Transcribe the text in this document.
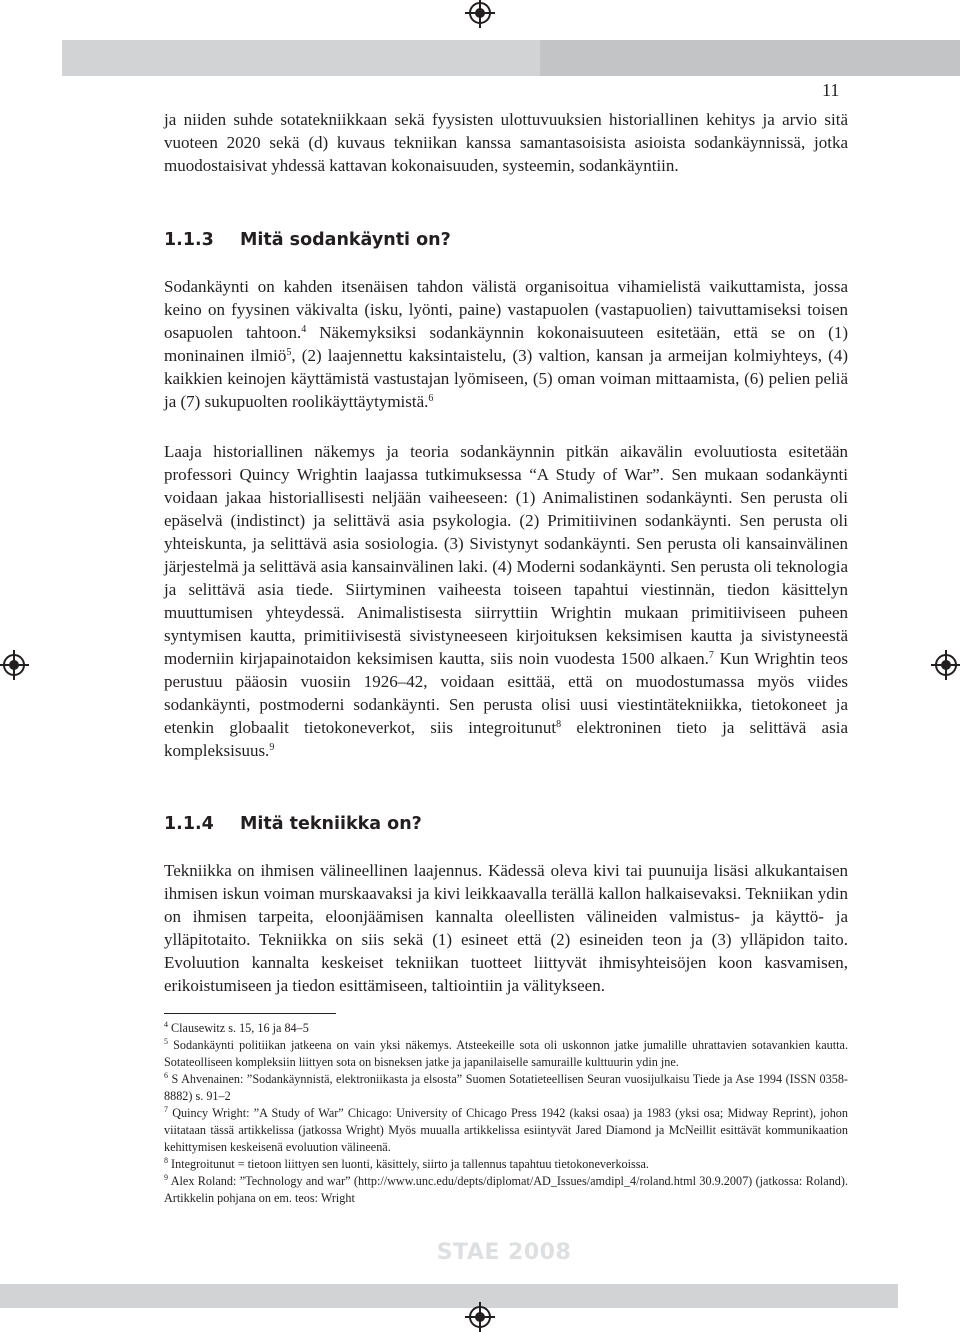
11

ja niiden suhde sotatekniikkaan sekä fyysisten ulottuvuuksien historiallinen kehitys ja arvio sitä vuoteen 2020 sekä (d) kuvaus tekniikan kanssa samantasoisista asioista sodankäynnissä, jotka muodostaisivat yhdessä kattavan kokonaisuuden, systeemin, sodankäyntiin.

1.1.3 Mitä sodankäynti on?

Sodankäynti on kahden itsenäisen tahdon välistä organisoitua vihamielistä vaikuttamista, jossa keino on fyysinen väkivalta (isku, lyönti, paine) vastapuolen (vastapuolien) taivuttamiseksi toisen osapuolen tahtoon.$^4$ Näkemyksiksi sodankäynnin kokonaisuuteen esitetään, että se on (1) moninainen ilmiö$^5$, (2) laajennettu kaksintaistelu, (3) valtion, kansan ja armeijan kolmiyhteys, (4) kaikkien keinojen käyttämistä vastustajan lyömiseen, (5) oman voiman mittaamista, (6) pelien peliä ja (7) sukupuolten roolikäyttäytymistä.$^6$

Laaja historiallinen näkemys ja teoria sodankäynnin pitkän aikavälin evoluutiosta esitetään professori Quincy Wrightin laajassa tutkimuksessa “A Study of War”. Sen mukaan sodankäynti voidaan jakaa historiallisesti neljään vaiheeseen: (1) Animalistinen sodankäynti. Sen perusta oli epäselvä (indistinct) ja selittävä asia psykologia. (2) Primitiivinen sodankäynti. Sen perusta oli yhteiskunta, ja selittävä asia sosiologia. (3) Sivistynyt sodankäynti. Sen perusta oli kansainvälinen järjestelmä ja selittävä asia kansainvälinen laki. (4) Moderni sodankäynti. Sen perusta oli teknologia ja selittävä asia tiede. Siirtyminen vaiheesta toiseen tapahtui viestinnän, tiedon käsittelyn muuttumisen yhteydessä. Animalistisesta siirryttiin Wrightin mukaan primitiiviseen puheen syntymisen kautta, primitiivisestä sivistyneeseen kirjoituksen keksimisen kautta ja sivistyneestä moderniin kirjapainotaidon keksimisen kautta, siis noin vuodesta 1500 alkaen.$^7$ Kun Wrightin teos perustuu pääosin vuosiin 1926–42, voidaan esittää, että on muodostumassa myös viides sodankäynti, postmoderni sodankäynti. Sen perusta olisi uusi viestintätekniikka, tietokoneet ja etenkin globaalit tietokoneverkot, siis integroitunut$^8$ elektroninen tieto ja selittävä asia kompleksisuus.$^9$

1.1.4 Mitä tekniikka on?

Tekniikka on ihmisen välineellinen laajennus. Kädessä oleva kivi tai puunuija lisäsi alkukantaisen ihmisen iskun voiman murskaavaksi ja kivi leikkaavalla terällä kallon halkaisevaksi. Tekniikan ydin on ihmisen tarpeita, eloonjäämisen kannalta oleellisten välineiden valmistus- ja käyttö- ja ylläpitotaito. Tekniikka on siis sekä (1) esineet että (2) esineiden teon ja (3) ylläpidon taito. Evoluution kannalta keskeiset tekniikan tuotteet liittyvät ihmisyhteisöjen koon kasvamisen, erikoistumiseen ja tiedon esittämiseen, taltiointiin ja välitykseen.

$^4$ Clausewitz s. 15, 16 ja 84–5

$^5$ Sodankäynti politiikan jatkeena on vain yksi näkemys. Atsteekeille sota oli uskonnon jatke jumalille uhrattavien sotavankien kautta. Sotateolliseen kompleksiin liittyen sota on bisneksen jatke ja japanilaiselle samuraille kulttuurin ydin jne.

$^6$ S Ahvenainen: ”Sodankäynnistä, elektroniikasta ja elsosta” Suomen Sotatieteellisen Seuran vuosijulkaisu Tiede ja Ase 1994 (ISSN 0358-8882) s. 91–2

$^7$ Quincy Wright: ”A Study of War” Chicago: University of Chicago Press 1942 (kaksi osaa) ja 1983 (yksi osa; Midway Reprint), johon viitataan tässä artikkelissa (jatkossa Wright) Myös muualla artikkelissa esiintyvät Jared Diamond ja McNeillit esittävät kommunikaation kehittymisen keskeisenä evoluution välineenä.

$^8$ Integroitunut = tietoon liittyen sen luonti, käsittely, siirto ja tallennus tapahtuu tietokoneverkoissa.

$^9$ Alex Roland: ”Technology and war” (http://www.unc.edu/depts/diplomat/AD_Issues/amdipl_4/roland.html 30.9.2007) (jatkossa: Roland). Artikkelin pohjana on em. teos: Wright

STAE 2008
